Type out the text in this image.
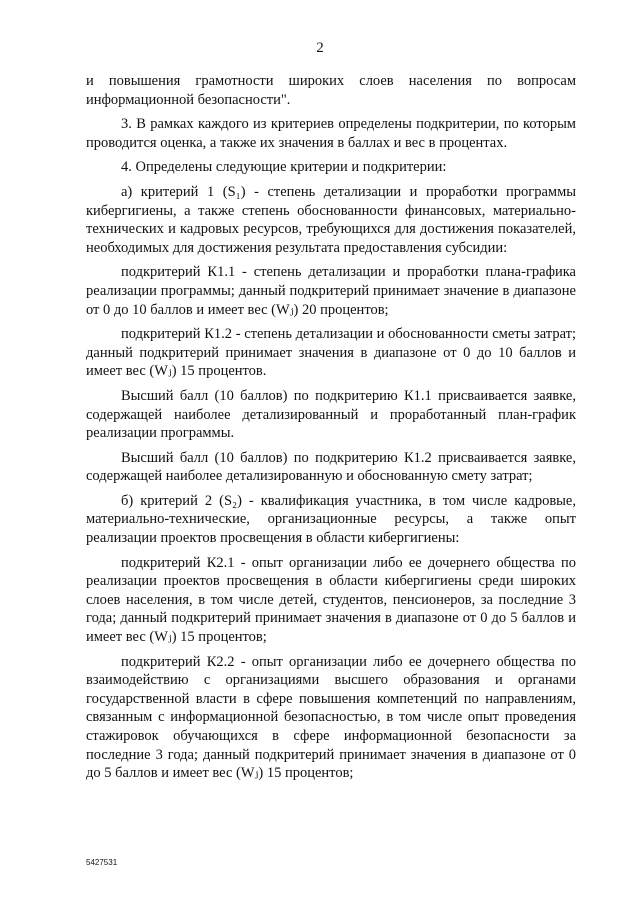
2

и повышения грамотности широких слоев населения по вопросам информационной безопасности".

3. В рамках каждого из критериев определены подкритерии, по которым проводится оценка, а также их значения в баллах и вес в процентах.

4. Определены следующие критерии и подкритерии:

а) критерий 1 (S₁) - степень детализации и проработки программы кибергигиены, а также степень обоснованности финансовых, материально-технических и кадровых ресурсов, требующихся для достижения показателей, необходимых для достижения результата предоставления субсидии:

подкритерий К1.1 - степень детализации и проработки плана-графика реализации программы; данный подкритерий принимает значение в диапазоне от 0 до 10 баллов и имеет вес (Wⱼ) 20 процентов;

подкритерий К1.2 - степень детализации и обоснованности сметы затрат; данный подкритерий принимает значения в диапазоне от 0 до 10 баллов и имеет вес (Wⱼ) 15 процентов.

Высший балл (10 баллов) по подкритерию К1.1 присваивается заявке, содержащей наиболее детализированный и проработанный план-график реализации программы.

Высший балл (10 баллов) по подкритерию К1.2 присваивается заявке, содержащей наиболее детализированную и обоснованную смету затрат;

б) критерий 2 (S₂) - квалификация участника, в том числе кадровые, материально-технические, организационные ресурсы, а также опыт реализации проектов просвещения в области кибергигиены:

подкритерий К2.1 - опыт организации либо ее дочернего общества по реализации проектов просвещения в области кибергигиены среди широких слоев населения, в том числе детей, студентов, пенсионеров, за последние 3 года; данный подкритерий принимает значения в диапазоне от 0 до 5 баллов и имеет вес (Wⱼ) 15 процентов;

подкритерий К2.2 - опыт организации либо ее дочернего общества по взаимодействию с организациями высшего образования и органами государственной власти в сфере повышения компетенций по направлениям, связанным с информационной безопасностью, в том числе опыт проведения стажировок обучающихся в сфере информационной безопасности за последние 3 года; данный подкритерий принимает значения в диапазоне от 0 до 5 баллов и имеет вес (Wⱼ) 15 процентов;

5427531
